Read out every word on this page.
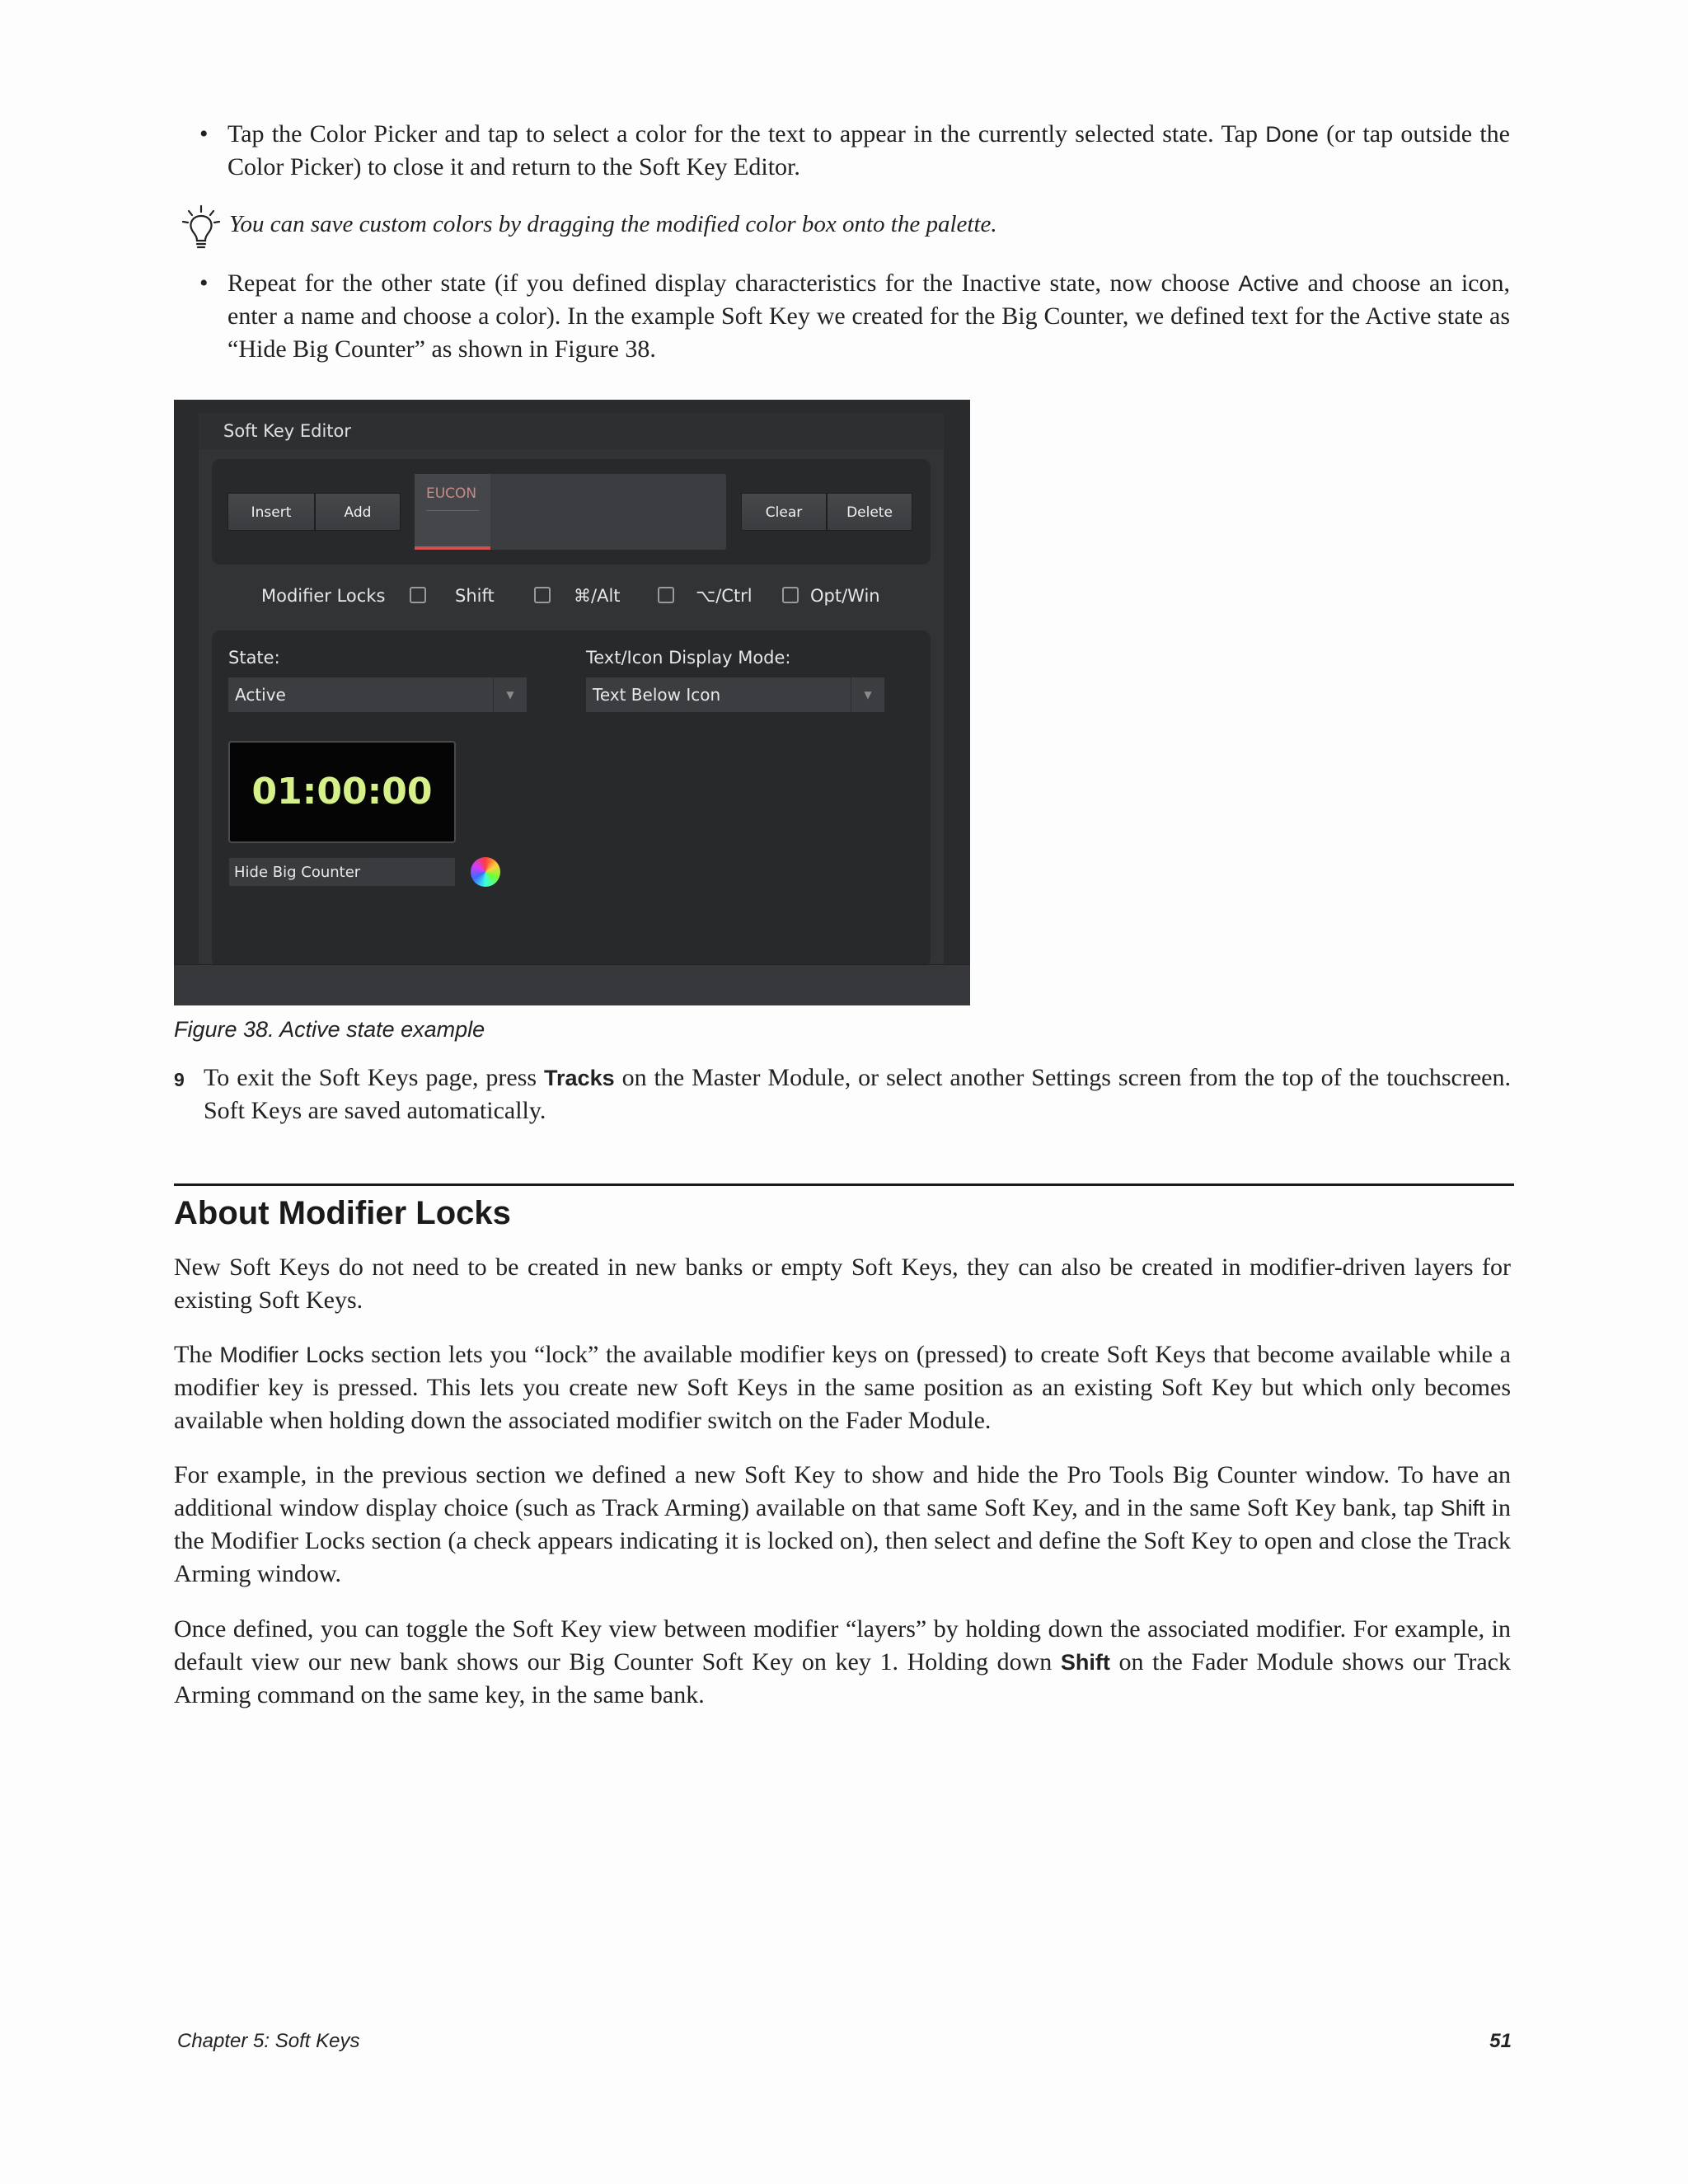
• Tap the Color Picker and tap to select a color for the text to appear in the currently selected state. Tap Done (or tap outside the Color Picker) to close it and return to the Soft Key Editor.
You can save custom colors by dragging the modified color box onto the palette.
• Repeat for the other state (if you defined display characteristics for the Inactive state, now choose Active and choose an icon, enter a name and choose a color). In the example Soft Key we created for the Big Counter, we defined text for the Active state as “Hide Big Counter” as shown in Figure 38.
Soft Key Editor
Insert	Add
EUCON
Clear	Delete
Modifier Locks	Shift	⌘/Alt	⌥/Ctrl	Opt/Win
State:
Active	▼
Text/Icon Display Mode:
Text Below Icon	▼
01:00:00
Hide Big Counter
Figure 38. Active state example
9 To exit the Soft Keys page, press Tracks on the Master Module, or select another Settings screen from the top of the touchscreen. Soft Keys are saved automatically.
About Modifier Locks
New Soft Keys do not need to be created in new banks or empty Soft Keys, they can also be created in modifier-driven layers for existing Soft Keys.
The Modifier Locks section lets you “lock” the available modifier keys on (pressed) to create Soft Keys that become available while a modifier key is pressed. This lets you create new Soft Keys in the same position as an existing Soft Key but which only becomes available when holding down the associated modifier switch on the Fader Module.
For example, in the previous section we defined a new Soft Key to show and hide the Pro Tools Big Counter window. To have an additional window display choice (such as Track Arming) available on that same Soft Key, and in the same Soft Key bank, tap Shift in the Modifier Locks section (a check appears indicating it is locked on), then select and define the Soft Key to open and close the Track Arming window.
Once defined, you can toggle the Soft Key view between modifier “layers” by holding down the associated modifier. For example, in default view our new bank shows our Big Counter Soft Key on key 1. Holding down Shift on the Fader Module shows our Track Arming command on the same key, in the same bank.
Chapter 5: Soft Keys	51
